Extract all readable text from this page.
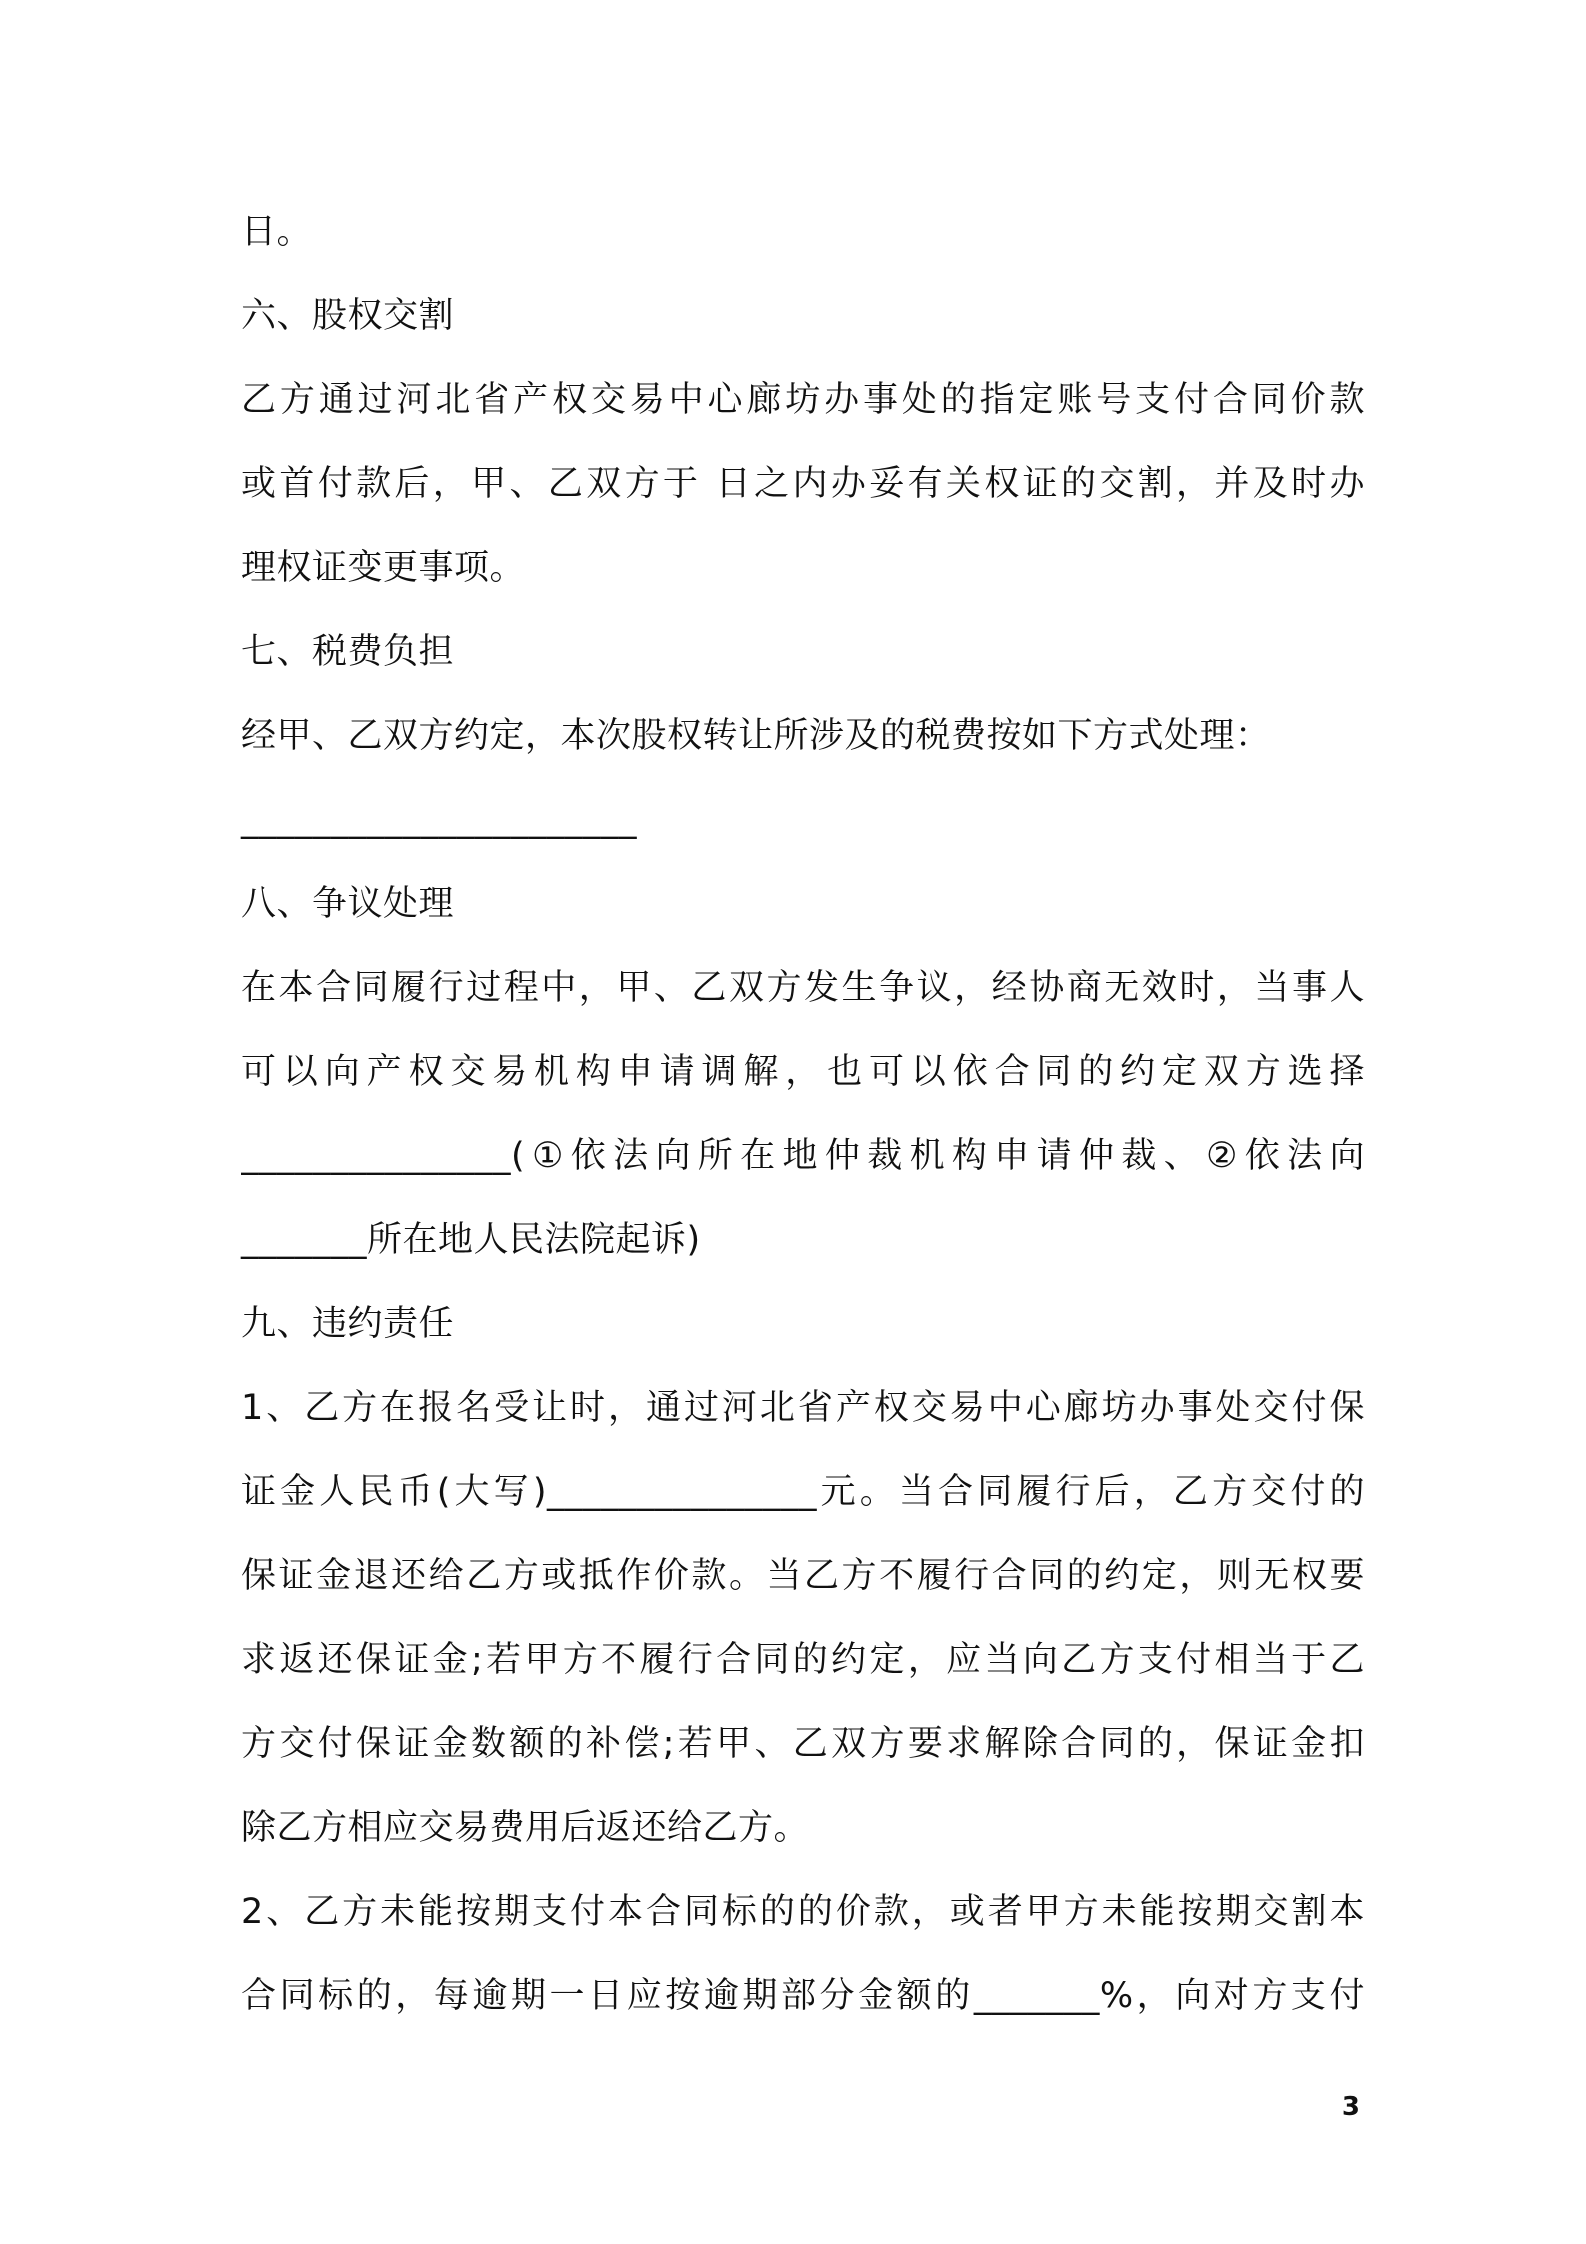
日。
六、股权交割
乙方通过河北省产权交易中心廊坊办事处的指定账号支付合同价款
或首付款后，甲、乙双方于 日之内办妥有关权证的交割，并及时办
理权证变更事项。
七、税费负担
经甲、乙双方约定，本次股权转让所涉及的税费按如下方式处理：
______________________
八、争议处理
在本合同履行过程中，甲、乙双方发生争议，经协商无效时，当事人
可以向产权交易机构申请调解，也可以依合同的约定双方选择
_______________(①依法向所在地仲裁机构申请仲裁、②依法向
_______所在地人民法院起诉)
九、违约责任
1、乙方在报名受让时，通过河北省产权交易中心廊坊办事处交付保
证金人民币(大写)_______________元。当合同履行后，乙方交付的
保证金退还给乙方或抵作价款。当乙方不履行合同的约定，则无权要
求返还保证金;若甲方不履行合同的约定，应当向乙方支付相当于乙
方交付保证金数额的补偿;若甲、乙双方要求解除合同的，保证金扣
除乙方相应交易费用后返还给乙方。
2、乙方未能按期支付本合同标的的价款，或者甲方未能按期交割本
合同标的，每逾期一日应按逾期部分金额的_______%，向对方支付
3
